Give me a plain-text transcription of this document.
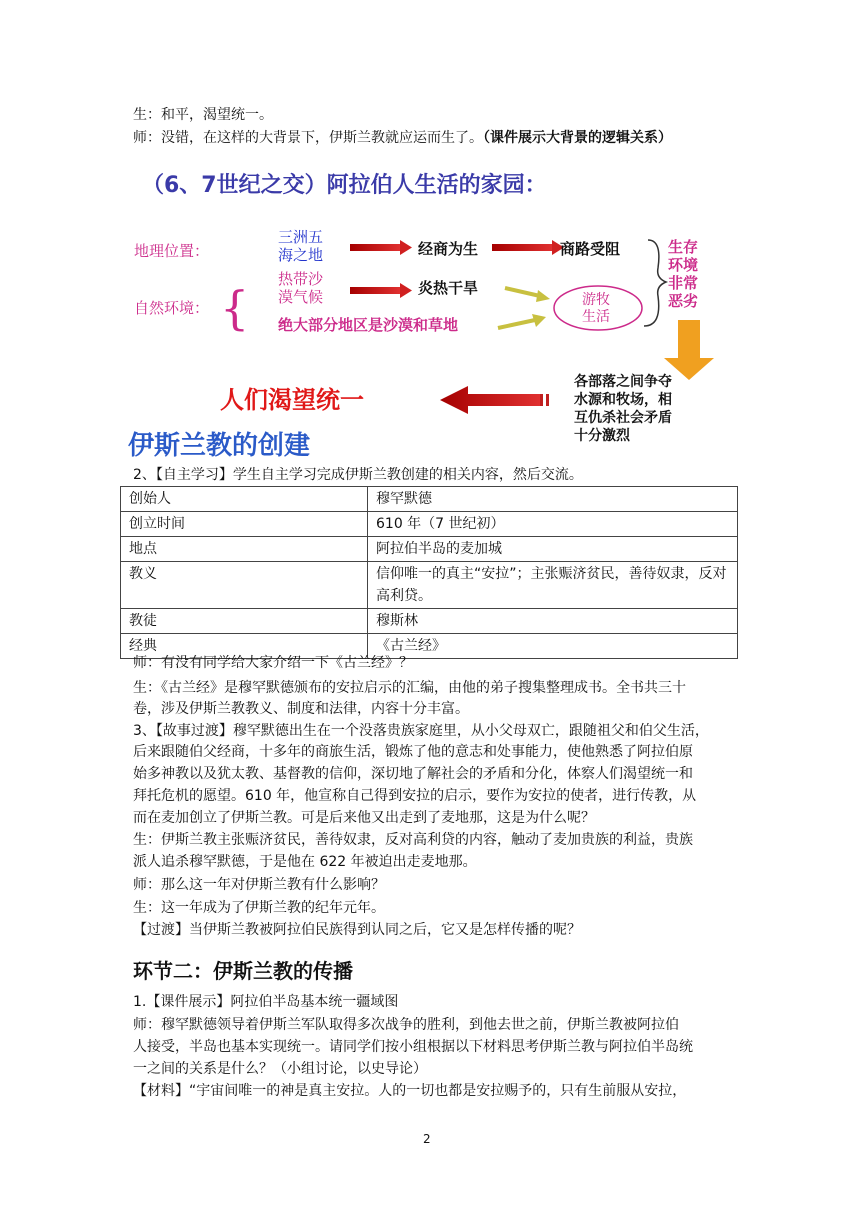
生：和平，渴望统一。
师：没错，在这样的大背景下，伊斯兰教就应运而生了。（课件展示大背景的逻辑关系）
（6、7世纪之交）阿拉伯人生活的家园：
地理位置：
自然环境： {
三洲五
海之地	经商为生	商路受阻
热带沙
漠气候	炎热干旱
绝大部分地区是沙漠和草地
游牧
生活
生存
环境
非常
恶劣
各部落之间争夺
水源和牧场，相
互仇杀社会矛盾
十分激烈
人们渴望统一
伊斯兰教的创建
2、【自主学习】学生自主学习完成伊斯兰教创建的相关内容，然后交流。
创始人	穆罕默德
创立时间	610 年（7 世纪初）
地点	阿拉伯半岛的麦加城
教义	信仰唯一的真主“安拉”；主张赈济贫民，善待奴隶，反对高利贷。
教徒	穆斯林
经典	《古兰经》
师：有没有同学给大家介绍一下《古兰经》？
生：《古兰经》是穆罕默德颁布的安拉启示的汇编，由他的弟子搜集整理成书。全书共三十
卷，涉及伊斯兰教教义、制度和法律，内容十分丰富。
3、【故事过渡】穆罕默德出生在一个没落贵族家庭里，从小父母双亡，跟随祖父和伯父生活，
后来跟随伯父经商，十多年的商旅生活，锻炼了他的意志和处事能力，使他熟悉了阿拉伯原
始多神教以及犹太教、基督教的信仰，深切地了解社会的矛盾和分化，体察人们渴望统一和
拜托危机的愿望。610 年，他宣称自己得到安拉的启示，要作为安拉的使者，进行传教，从
而在麦加创立了伊斯兰教。可是后来他又出走到了麦地那，这是为什么呢？
生：伊斯兰教主张赈济贫民，善待奴隶，反对高利贷的内容，触动了麦加贵族的利益，贵族
派人追杀穆罕默德，于是他在 622 年被迫出走麦地那。
师：那么这一年对伊斯兰教有什么影响？
生：这一年成为了伊斯兰教的纪年元年。
【过渡】当伊斯兰教被阿拉伯民族得到认同之后，它又是怎样传播的呢？
环节二：伊斯兰教的传播
1.【课件展示】阿拉伯半岛基本统一疆域图
师：穆罕默德领导着伊斯兰军队取得多次战争的胜利，到他去世之前，伊斯兰教被阿拉伯
人接受，半岛也基本实现统一。请同学们按小组根据以下材料思考伊斯兰教与阿拉伯半岛统
一之间的关系是什么？（小组讨论，以史导论）
【材料】“宇宙间唯一的神是真主安拉。人的一切也都是安拉赐予的，只有生前服从安拉，
2
